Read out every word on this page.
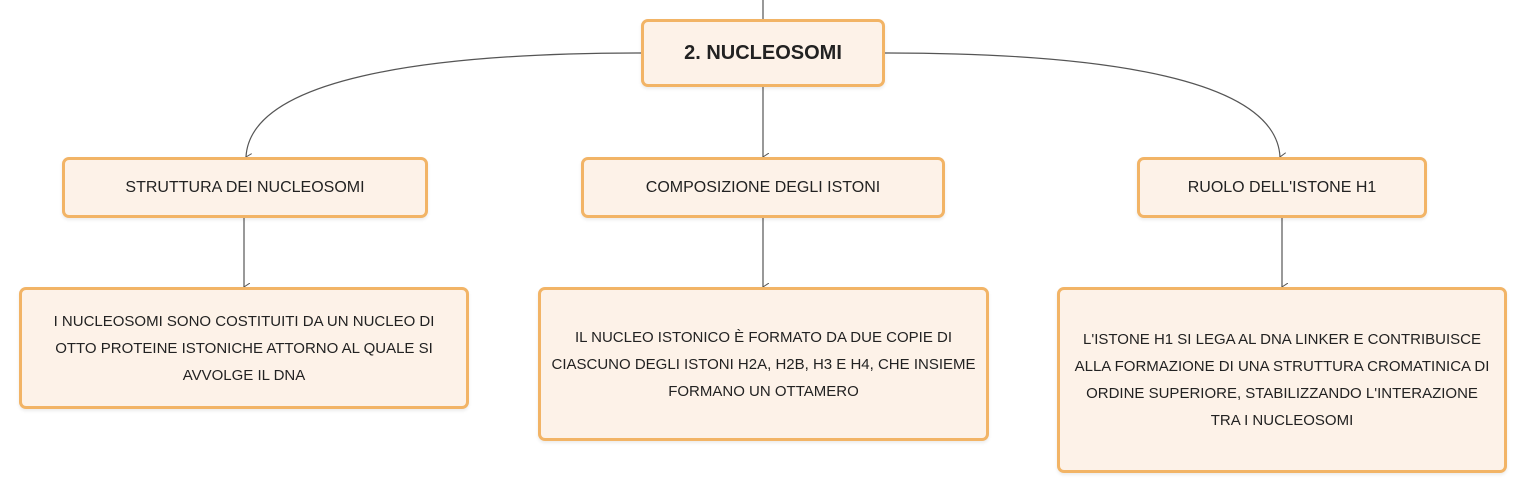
2. NUCLEOSOMI
STRUTTURA DEI NUCLEOSOMI	COMPOSIZIONE DEGLI ISTONI	RUOLO DELL'ISTONE H1
I NUCLEOSOMI SONO COSTITUITI DA UN NUCLEO DI OTTO PROTEINE ISTONICHE ATTORNO AL QUALE SI AVVOLGE IL DNA
IL NUCLEO ISTONICO È FORMATO DA DUE COPIE DI CIASCUNO DEGLI ISTONI H2A, H2B, H3 E H4, CHE INSIEME FORMANO UN OTTAMERO
L'ISTONE H1 SI LEGA AL DNA LINKER E CONTRIBUISCE ALLA FORMAZIONE DI UNA STRUTTURA CROMATINICA DI ORDINE SUPERIORE, STABILIZZANDO L'INTERAZIONE TRA I NUCLEOSOMI
